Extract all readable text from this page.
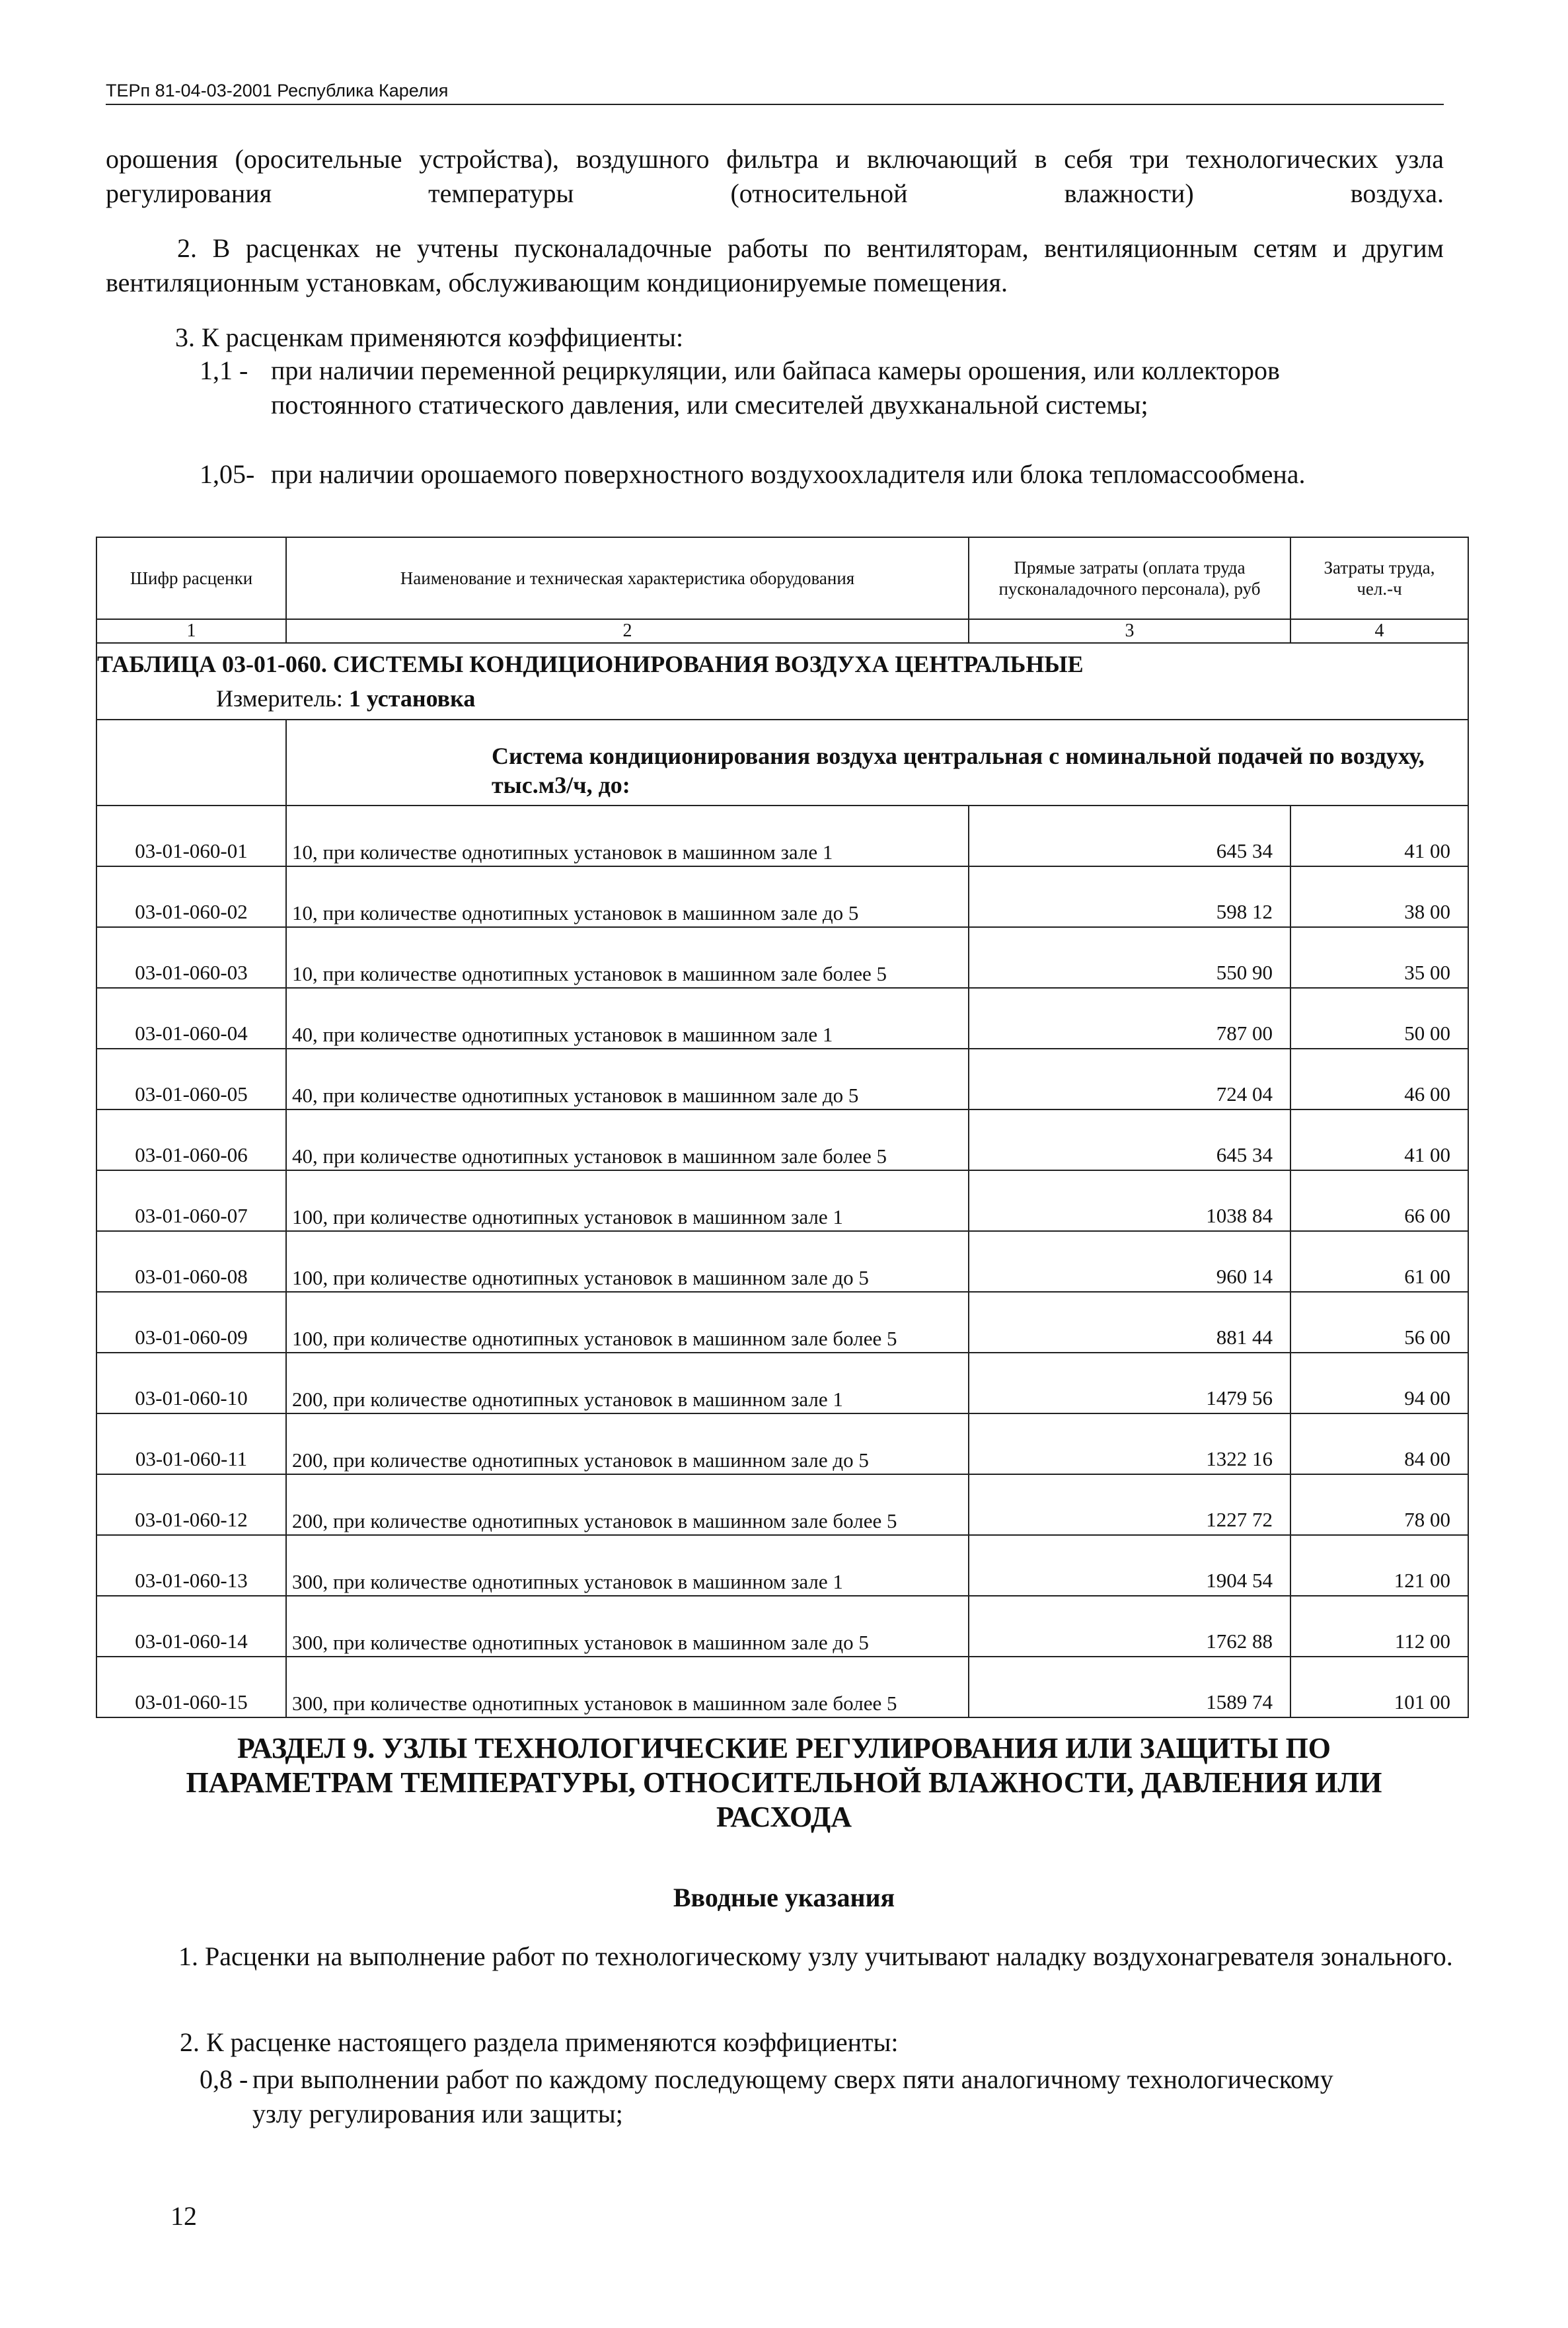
ТЕРп 81-04-03-2001 Республика Карелия
орошения (оросительные устройства), воздушного фильтра и включающий в себя три технологических узла регулирования температуры (относительной влажности) воздуха.
2. В расценках не учтены пусконаладочные работы по вентиляторам, вентиляционным сетям и другим вентиляционным установкам, обслуживающим кондиционируемые помещения.
3. К расценкам применяются коэффициенты:
1,1 - при наличии переменной рециркуляции, или байпаса камеры орошения, или коллекторов постоянного статического давления, или смесителей двухканальной системы;
1,05- при наличии орошаемого поверхностного воздухоохладителя или блока тепломассообмена.
Шифр расценки	Наименование и техническая характеристика оборудования	Прямые затраты (оплата труда пусконаладочного персонала), руб	Затраты труда, чел.-ч
1	2	3	4
ТАБЛИЦА 03-01-060. СИСТЕМЫ КОНДИЦИОНИРОВАНИЯ ВОЗДУХА ЦЕНТРАЛЬНЫЕ
Измеритель: 1 установка			

	Система кондиционирования воздуха центральная с номинальной подачей по воздуху, тыс.м3/ч, до:		
03-01-060-01	10, при количестве однотипных установок в машинном зале 1	645 34	41 00
03-01-060-02	10, при количестве однотипных установок в машинном зале до 5	598 12	38 00
03-01-060-03	10, при количестве однотипных установок в машинном зале более 5	550 90	35 00
03-01-060-04	40, при количестве однотипных установок в машинном зале 1	787 00	50 00
03-01-060-05	40, при количестве однотипных установок в машинном зале до 5	724 04	46 00
03-01-060-06	40, при количестве однотипных установок в машинном зале более 5	645 34	41 00
03-01-060-07	100, при количестве однотипных установок в машинном зале 1	1038 84	66 00
03-01-060-08	100, при количестве однотипных установок в машинном зале до 5	960 14	61 00
03-01-060-09	100, при количестве однотипных установок в машинном зале более 5	881 44	56 00
03-01-060-10	200, при количестве однотипных установок в машинном зале 1	1479 56	94 00
03-01-060-11	200, при количестве однотипных установок в машинном зале до 5	1322 16	84 00
03-01-060-12	200, при количестве однотипных установок в машинном зале более 5	1227 72	78 00
03-01-060-13	300, при количестве однотипных установок в машинном зале 1	1904 54	121 00
03-01-060-14	300, при количестве однотипных установок в машинном зале до 5	1762 88	112 00
03-01-060-15	300, при количестве однотипных установок в машинном зале более 5	1589 74	101 00
РАЗДЕЛ 9. УЗЛЫ ТЕХНОЛОГИЧЕСКИЕ РЕГУЛИРОВАНИЯ ИЛИ ЗАЩИТЫ ПО ПАРАМЕТРАМ ТЕМПЕРАТУРЫ, ОТНОСИТЕЛЬНОЙ ВЛАЖНОСТИ, ДАВЛЕНИЯ ИЛИ РАСХОДА
Вводные указания
1. Расценки на выполнение работ по технологическому узлу учитывают наладку воздухонагревателя зонального.
2. К расценке настоящего раздела применяются коэффициенты:
0,8 - при выполнении работ по каждому последующему сверх пяти аналогичному технологическому узлу регулирования или защиты;
12
